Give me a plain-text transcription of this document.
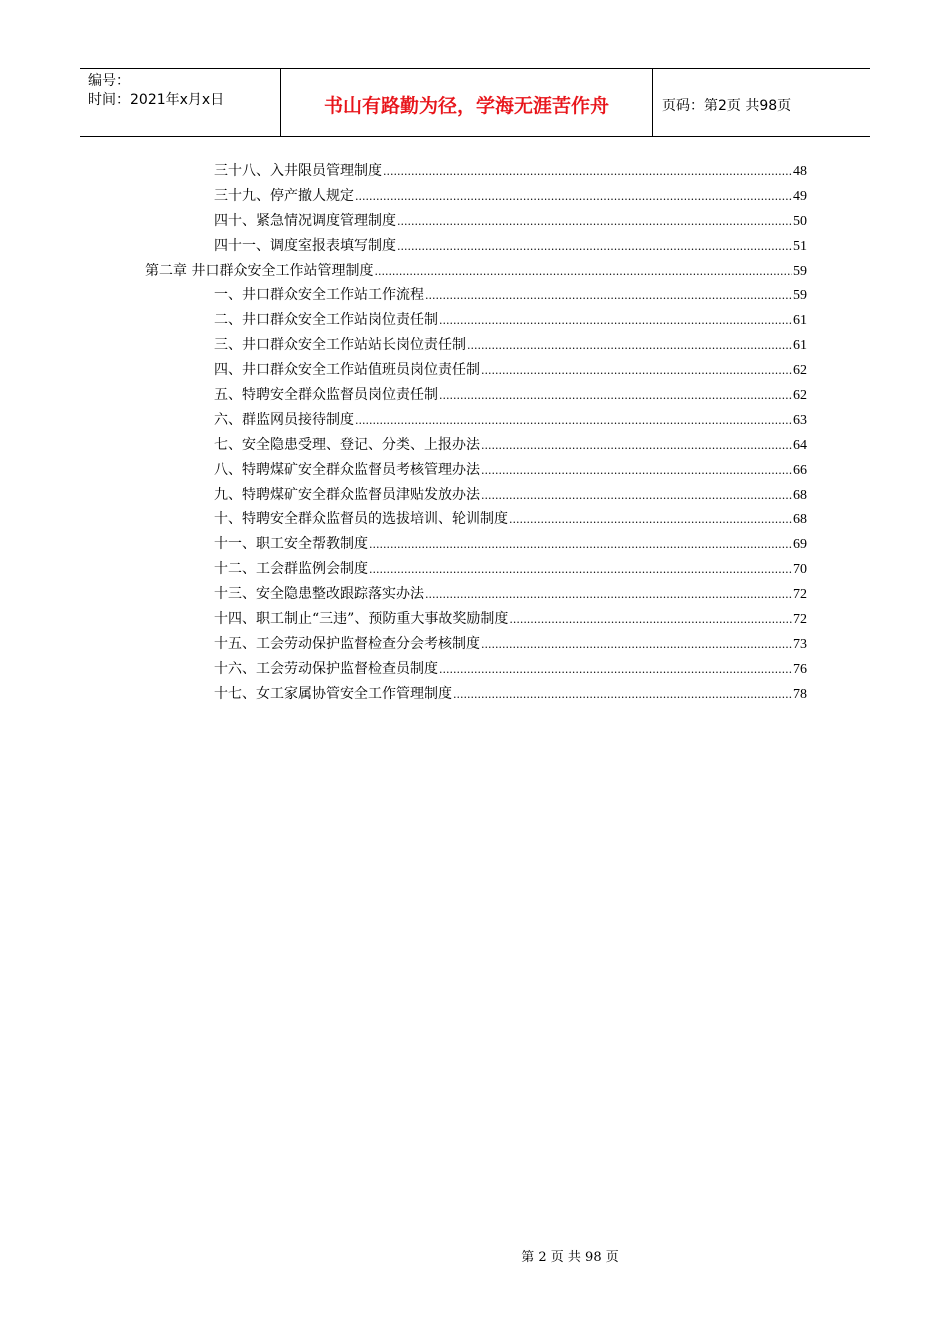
编号：
时间：2021年x月x日	书山有路勤为径，学海无涯苦作舟	页码：第2页 共98页
三十八、入井限员管理制度 .....	48
三十九、停产撤人规定 .....	49
四十、紧急情况调度管理制度 .....	50
四十一、调度室报表填写制度 .....	51
第二章 井口群众安全工作站管理制度 .....	59
一、井口群众安全工作站工作流程 .....	59
二、井口群众安全工作站岗位责任制 .....	61
三、井口群众安全工作站站长岗位责任制 .....	61
四、井口群众安全工作站值班员岗位责任制 .....	62
五、特聘安全群众监督员岗位责任制 .....	62
六、群监网员接待制度 .....	63
七、安全隐患受理、登记、分类、上报办法 .....	64
八、特聘煤矿安全群众监督员考核管理办法 .....	66
九、特聘煤矿安全群众监督员津贴发放办法 .....	68
十、特聘安全群众监督员的选拔培训、轮训制度 .....	68
十一、职工安全帮教制度 .....	69
十二、工会群监例会制度 .....	70
十三、安全隐患整改跟踪落实办法 .....	72
十四、职工制止“三违”、预防重大事故奖励制度 .....	72
十五、工会劳动保护监督检查分会考核制度 .....	73
十六、工会劳动保护监督检查员制度 .....	76
十七、女工家属协管安全工作管理制度 .....	78
第 2 页 共 98 页
